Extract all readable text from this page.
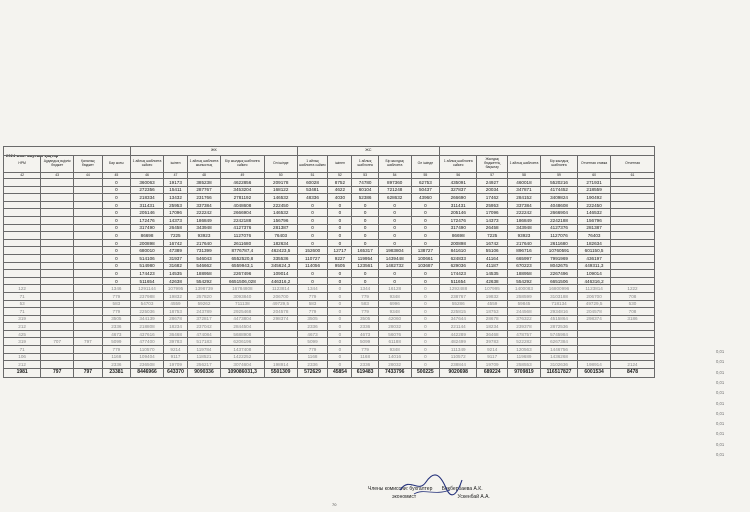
2024 жыл маусым қаңтар
				ЖК					ЖС										
НРМ	Аудандық өңірлік бюджет	Қалалық бюджет	Бар жоғы	1 айлық шаблонға сәйкес	ішінен	1 айлық шаблонға жыныстық	Бір жылдық шаблонға сәйкес	Ол ішінде	1 айлық шаблонға сәйкес	ішінен	1 айлық шаблонға	Бір жылдық шаблонға	Ол ішінде	1 айлық шаблонға сәйкес	Жылдық бюджеттің бақылау	1 айлық шаблонға	Бір жылдық шаблонға	Отчетная ставка	Отчетная
42	43	44	45	46	47	48	49	50	51	52	53	54	55	56	57	58	59	60	61
			0	360063	19173	385238	4622856	209178	60028	8752	74780	897360	62753	435091	24927	460018	5520216	271931	
			0	272356	15411	287767	3453204	168122	53481	4622	60104	721248	50437	327837	20034	347871	4174452	218559	
			0	218334	13432	231766	2781192	146532	48336	4030	52386	628632	43960	266690	17462	284152	3409824	190492	
			0	311431	25953	337384	4048608	222450	0	0	0	0	0	311431	25953	337384	4048608	222450	
			0	205146	17096	222242	2666904	146532	0	0	0	0	0	205146	17096	222242	2666904	146532	
			0	172476	14373	186849	2242188	156796	0	0	0	0	0	172476	14373	186849	2242188	156796	
			0	317490	26458	343948	4127376	281387	0	0	0	0	0	317490	26458	343948	4127376	281387	
			0	86698	7225	93923	1127076	76403	0	0	0	0	0	86698	7225	93923	1127076	76403	
			0	200898	16742	217640	2611680	182634	0	0	0	0	0	200898	16742	217640	2611680	182634	
			0	680010	47389	731399	8776787,4	462423,5	152600	12717	165317	1983804	138727	841610	55106	896716	10760591	601150,5	
			0	514106	31937	546043	6552520,8	335536	110727	9227	119954	1439448	100661	624833	41164	665997	7991969	436197	
			0	514980	31682	546662	6559943,1	345624,3	114056	9505	123561	1482732	103687	629036	41187	670223	8042675	449311,3	
			0	174423	14535	188958	2267496	109014	0	0	0	0	0	174423	14535	188958	2267496	109014	
			0	511654	42638	554292	6651506,028	446316,2	0	0	0	0	0	511654	42638	554292	6651506	446316,2	
122			1346	1291144	107995	1398739	16784808	1123814	1344	0	1344	16128	0	1292488	107995	1400083	16800996	1123814	1222
71			779	237988	19832	257820	3093840	206700	779	0	779	9348	0	238767	19832	258599	3103188	206700	708
53			583	54703	4559	59262	711138	49729,5	583	0	583	6996	0	55286	4559	59845	718134	49729,5	530
71			779	225036	18753	243789	2925468	204578	779	0	779	9348	0	225815	18753	244568	2934816	204578	708
319			3505	344139	28678	372817	4473804	298374	3505	0	3505	42060	0	347644	28678	376322	4515864	298374	3186
212			2336	218808	18234	237042	2844504		2336	0	2336	28032	0	221144	18234	239378	2872536		
425			4673	437616	36468	474084	5688908		4673	0	4673	56076	0	442289	36468	478757	5745984		
319	707	797	5099	477400	39783	517183	6206196		5099	0	5099	61188	0	482499	39783	522282	6267384		
71			779	110570	9214	119784	1437408		779	0	779	9348	0	111349	9214	120563	1446756		
106			1168	109404	9117	118521	1422252		1168	0	1168	14016	0	110572	9117	119689	1436268		
212			2336	236508	19709	256217	3074604	198914	2336	0	2336	28032	0	238844	19709	258553	3102636	198914	2124
1981	797	797	23381	8446966	643370	9090336	109086031,3	5501309	572629	45854	619483	7433796	500225	9020698	689224	9709819	116517827	6001534	8478
Члены комиссии: бухгалтер Бекбербаева А.К.
экономист	Ускенбай А.А.
70
0,01
0,01
0,01
0,01
0,01
0,01
0,01
0,01
0,01
0,01
0,01
